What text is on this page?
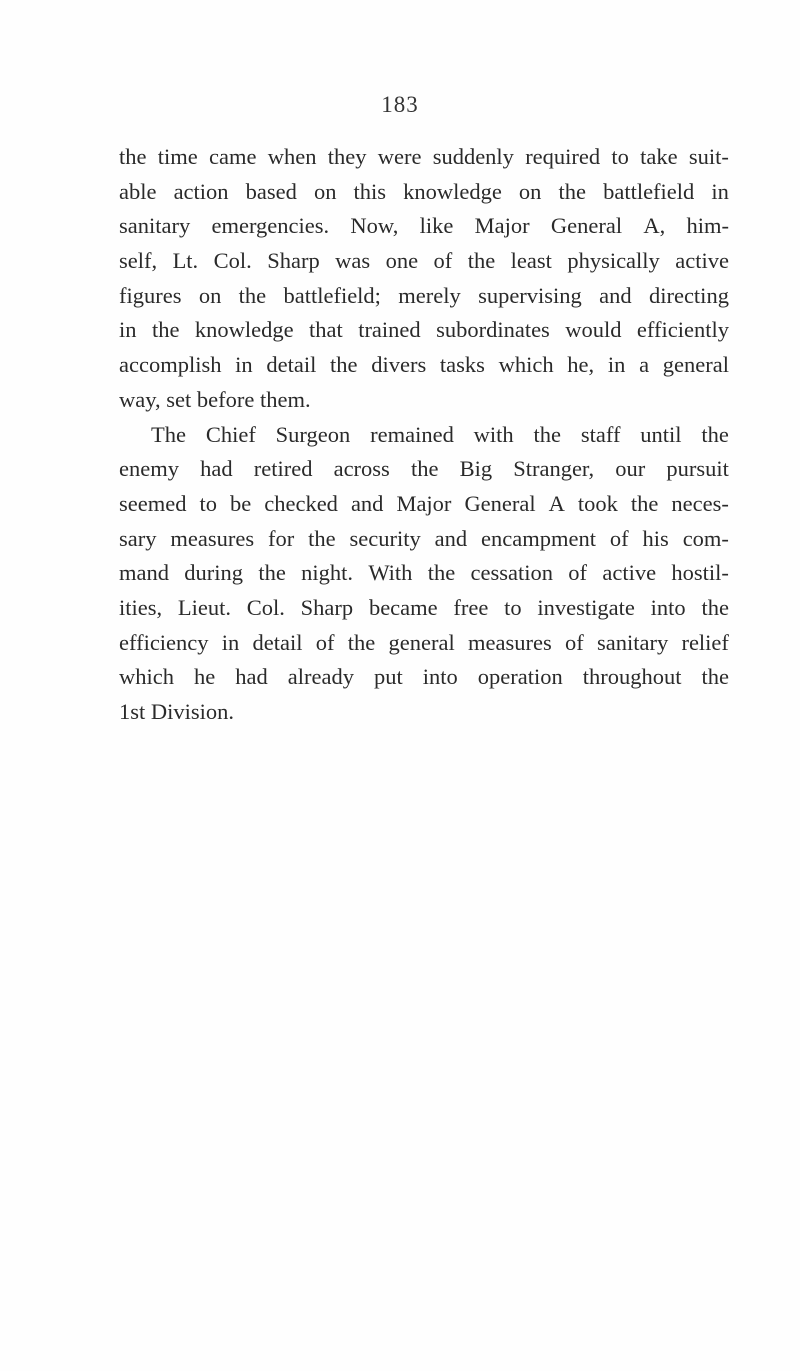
183
the time came when they were suddenly required to take suit-
able action based on this knowledge on the battlefield in
sanitary emergencies. Now, like Major General A, him-
self, Lt. Col. Sharp was one of the least physically active
figures on the battlefield; merely supervising and directing
in the knowledge that trained subordinates would efficiently
accomplish in detail the divers tasks which he, in a general
way, set before them.
The Chief Surgeon remained with the staff until the
enemy had retired across the Big Stranger, our pursuit
seemed to be checked and Major General A took the neces-
sary measures for the security and encampment of his com-
mand during the night. With the cessation of active hostil-
ities, Lieut. Col. Sharp became free to investigate into the
efficiency in detail of the general measures of sanitary relief
which he had already put into operation throughout the
1st Division.
